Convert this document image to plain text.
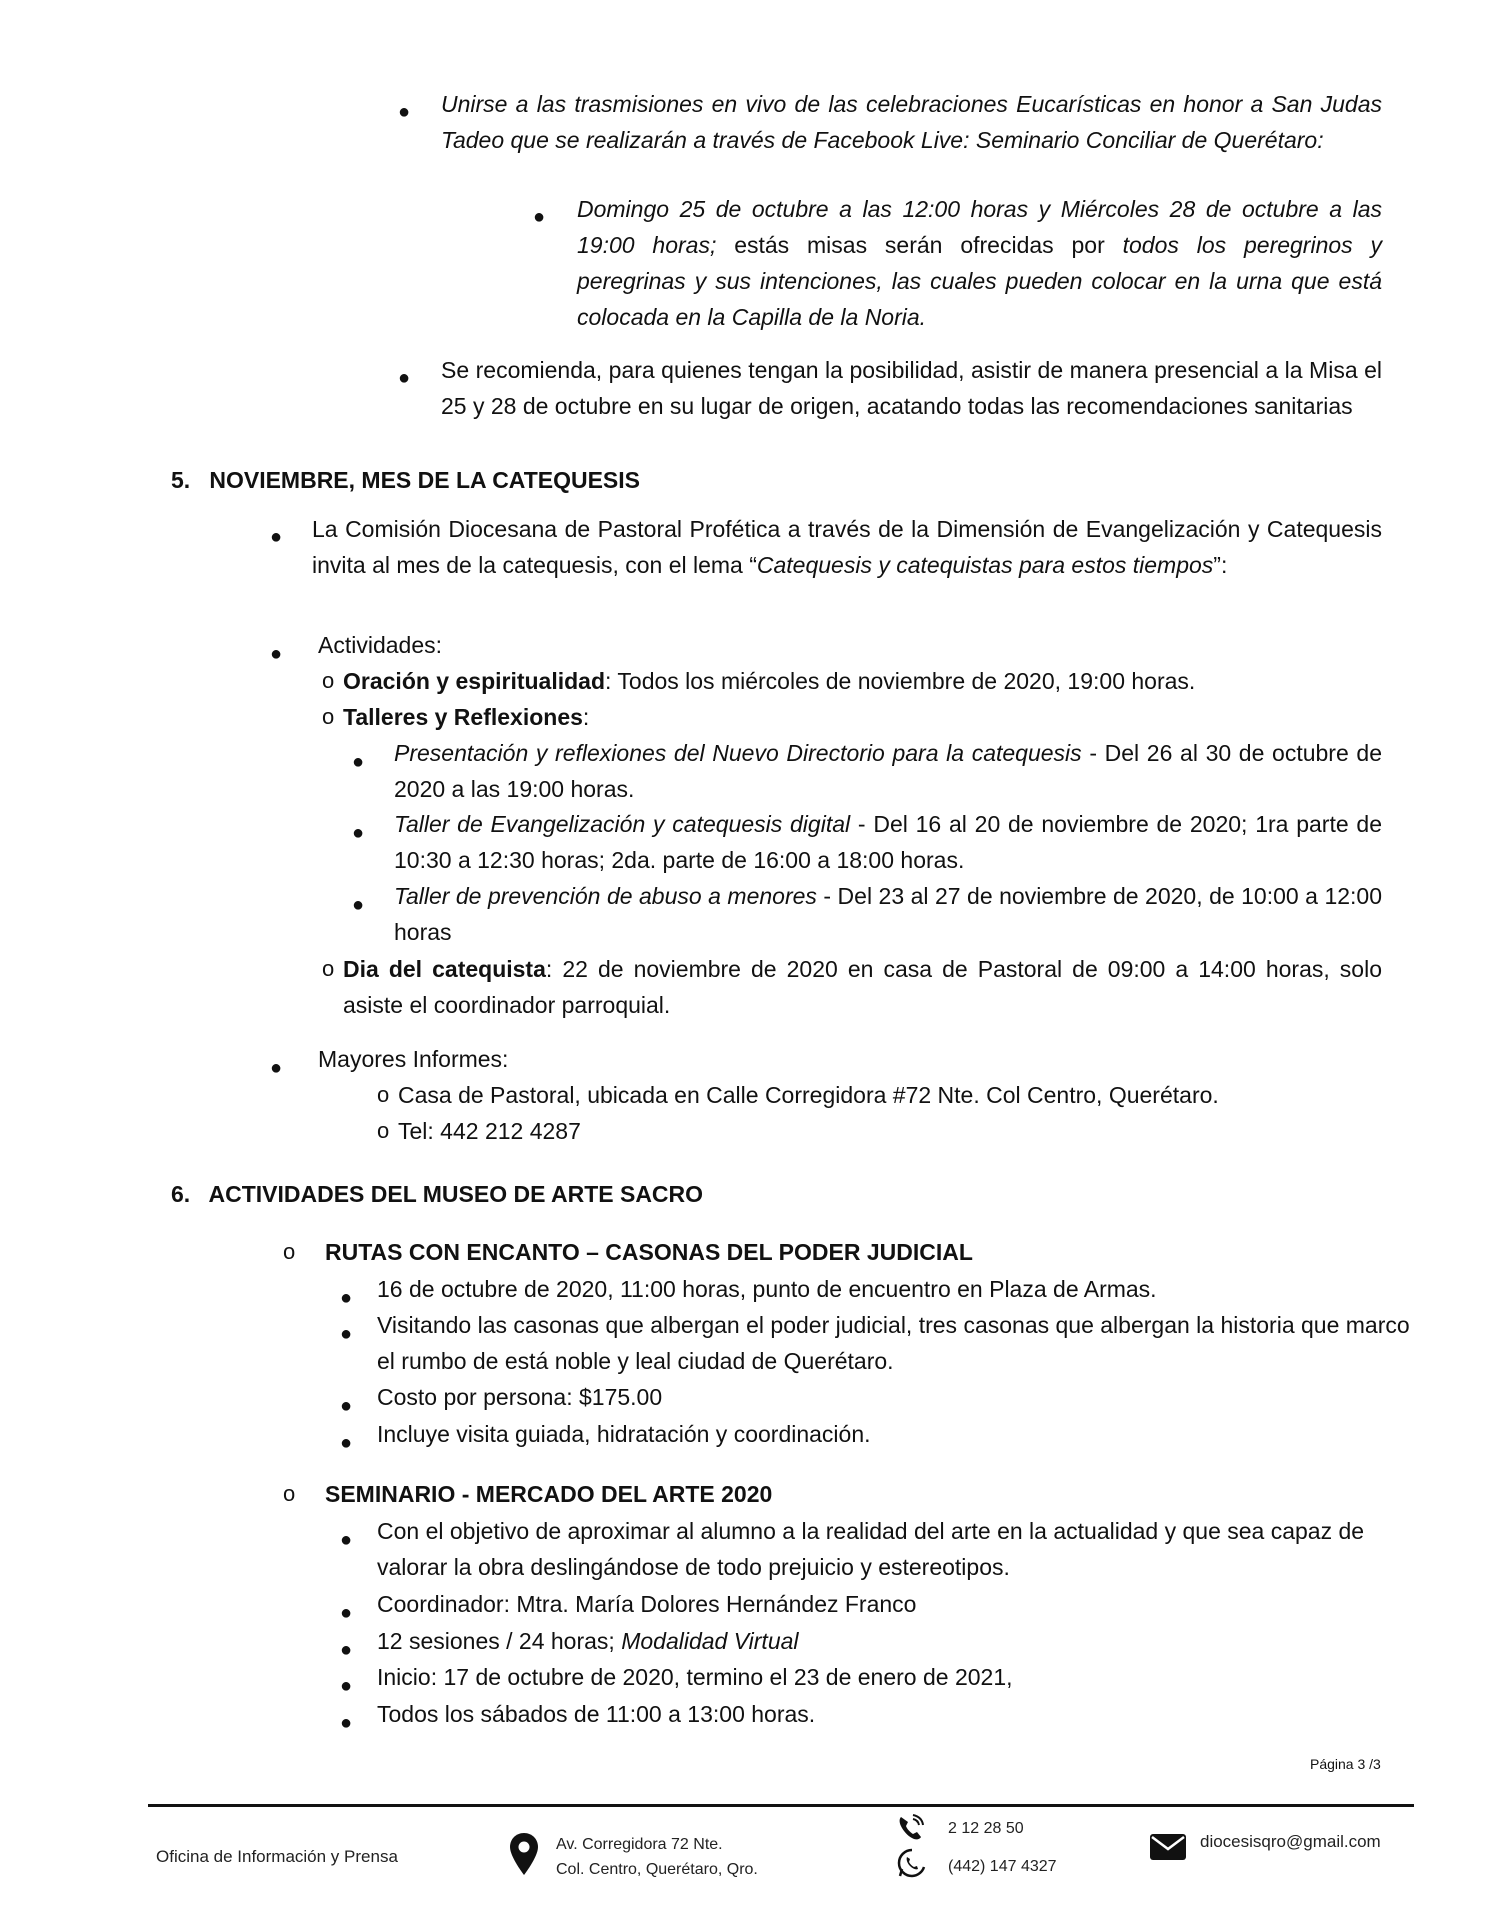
● Unirse a las trasmisiones en vivo de las celebraciones Eucarísticas en honor a San Judas Tadeo que se realizarán a través de Facebook Live: Seminario Conciliar de Querétaro:
● Domingo 25 de octubre a las 12:00 horas y Miércoles 28 de octubre a las 19:00 horas; estás misas serán ofrecidas por todos los peregrinos y peregrinas y sus intenciones, las cuales pueden colocar en la urna que está colocada en la Capilla de la Noria.
● Se recomienda, para quienes tengan la posibilidad, asistir de manera presencial a la Misa el 25 y 28 de octubre en su lugar de origen, acatando todas las recomendaciones sanitarias
5.   NOVIEMBRE, MES DE LA CATEQUESIS
● La Comisión Diocesana de Pastoral Profética a través de la Dimensión de Evangelización y Catequesis invita al mes de la catequesis, con el lema “Catequesis y catequistas para estos tiempos”:
● Actividades:
o Oración y espiritualidad: Todos los miércoles de noviembre de 2020, 19:00 horas.
o Talleres y Reflexiones:
● Presentación y reflexiones del Nuevo Directorio para la catequesis - Del 26 al 30 de octubre de 2020 a las 19:00 horas.
● Taller de Evangelización y catequesis digital - Del 16 al 20 de noviembre de 2020; 1ra parte de 10:30 a 12:30 horas; 2da. parte de 16:00 a 18:00 horas.
● Taller de prevención de abuso a menores - Del 23 al 27 de noviembre de 2020, de 10:00 a 12:00 horas
o Dia del catequista: 22 de noviembre de 2020 en casa de Pastoral de 09:00 a 14:00 horas, solo asiste el coordinador parroquial.
● Mayores Informes:
o Casa de Pastoral, ubicada en Calle Corregidora #72 Nte. Col Centro, Querétaro.
o Tel: 442 212 4287
6.   ACTIVIDADES DEL MUSEO DE ARTE SACRO
o RUTAS CON ENCANTO – CASONAS DEL PODER JUDICIAL
● 16 de octubre de 2020, 11:00 horas, punto de encuentro en Plaza de Armas.
● Visitando las casonas que albergan el poder judicial, tres casonas que albergan la historia que marco el rumbo de está noble y leal ciudad de Querétaro.
● Costo por persona: $175.00
● Incluye visita guiada, hidratación y coordinación.
o SEMINARIO - MERCADO DEL ARTE 2020
● Con el objetivo de aproximar al alumno a la realidad del arte en la actualidad y que sea capaz de valorar la obra deslingándose de todo prejuicio y estereotipos.
● Coordinador: Mtra. María Dolores Hernández Franco
● 12 sesiones / 24 horas; Modalidad Virtual
● Inicio: 17 de octubre de 2020, termino el 23 de enero de 2021,
● Todos los sábados de 11:00 a 13:00 horas.
Página 3 /3
Oficina de Información y Prensa
Av. Corregidora 72 Nte.
Col. Centro, Querétaro, Qro.
2 12 28 50
(442) 147 4327
diocesisqro@gmail.com
